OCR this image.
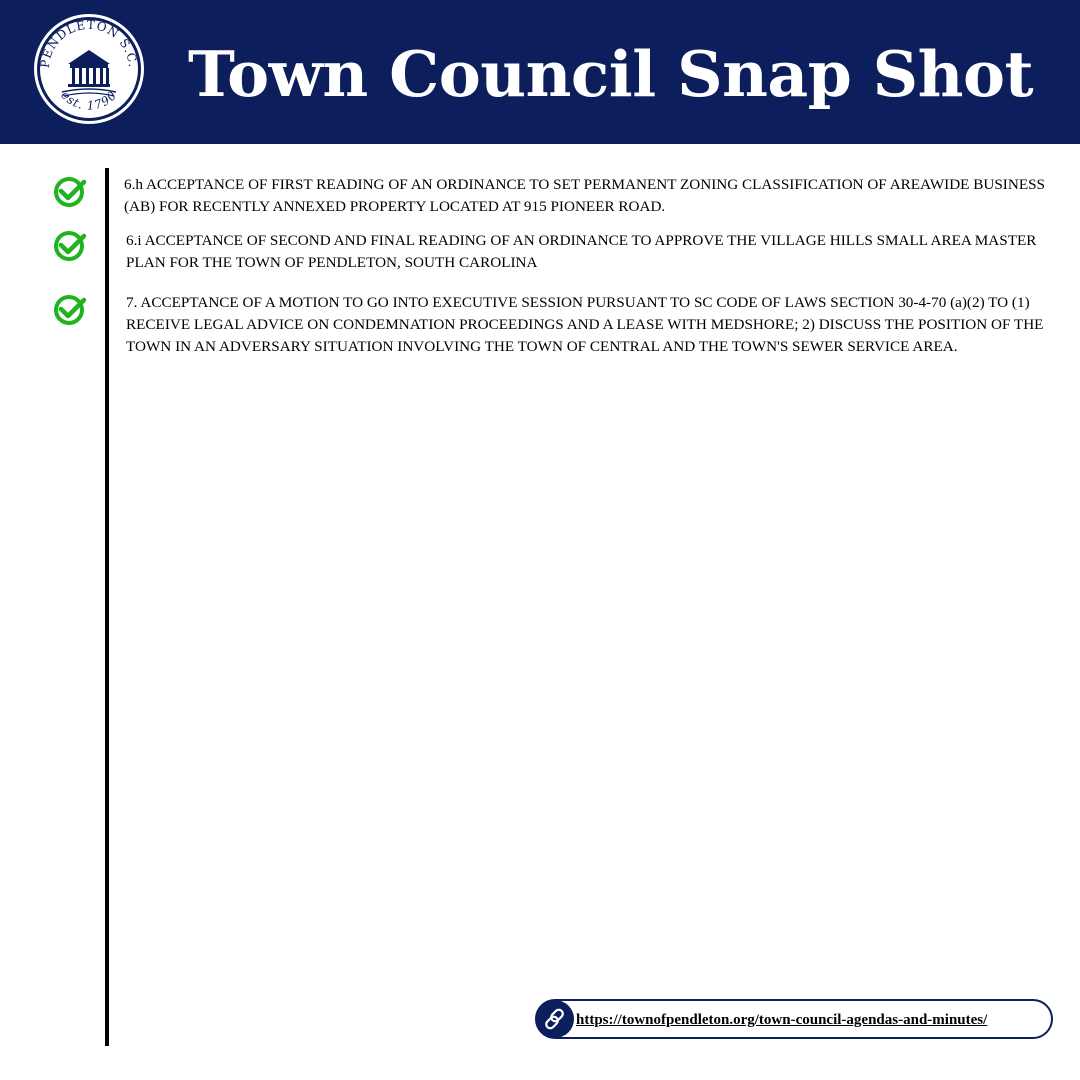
PENDLETON S.C.
est. 1790 Town Council Snap Shot
6.h ACCEPTANCE OF FIRST READING OF AN ORDINANCE TO SET PERMANENT ZONING CLASSIFICATION OF AREAWIDE BUSINESS (AB) FOR RECENTLY ANNEXED PROPERTY LOCATED AT 915 PIONEER ROAD.
6.i ACCEPTANCE OF SECOND AND FINAL READING OF AN ORDINANCE TO APPROVE THE VILLAGE HILLS SMALL AREA MASTER PLAN FOR THE TOWN OF PENDLETON, SOUTH CAROLINA
7. ACCEPTANCE OF A MOTION TO GO INTO EXECUTIVE SESSION PURSUANT TO SC CODE OF LAWS SECTION 30-4-70 (a)(2) TO (1) RECEIVE LEGAL ADVICE ON CONDEMNATION PROCEEDINGS AND A LEASE WITH MEDSHORE; 2) DISCUSS THE POSITION OF THE TOWN IN AN ADVERSARY SITUATION INVOLVING THE TOWN OF CENTRAL AND THE TOWN'S SEWER SERVICE AREA.
https://townofpendleton.org/town-council-agendas-and-minutes/
